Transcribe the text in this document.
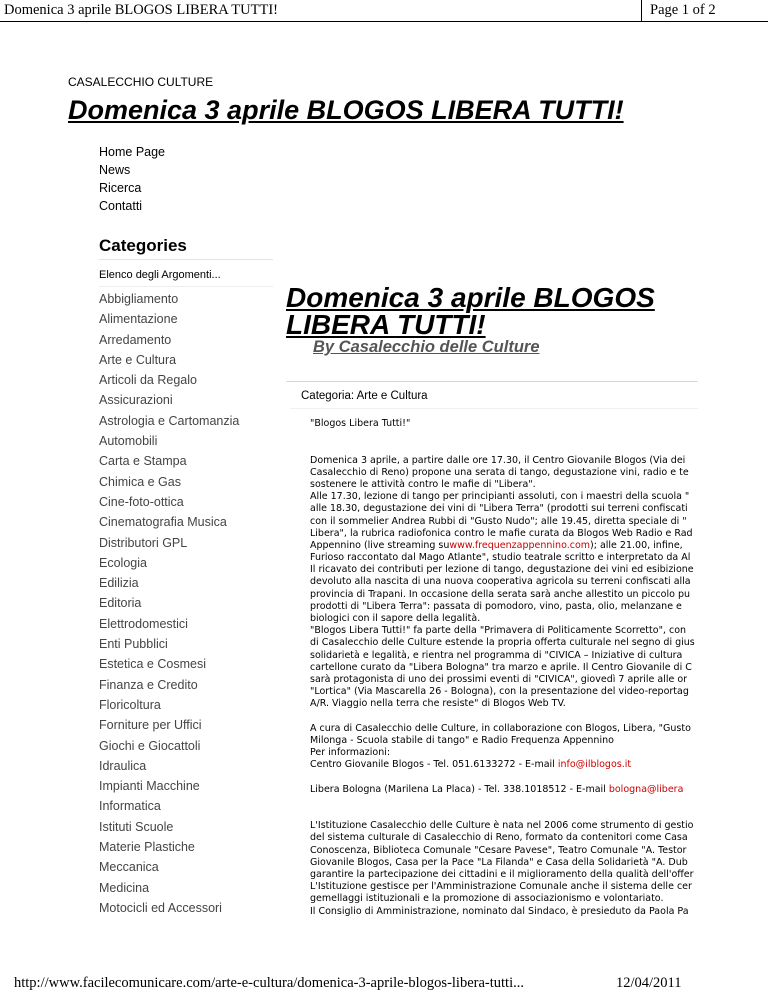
Domenica 3 aprile BLOGOS LIBERA TUTTI!	Page 1 of 2
CASALECCHIO CULTURE
Domenica 3 aprile BLOGOS LIBERA TUTTI!
Home Page
News
Ricerca
Contatti
Categories
Elenco degli Argomenti...
Abbigliamento
Alimentazione
Arredamento
Arte e Cultura
Articoli da Regalo
Assicurazioni
Astrologia e Cartomanzia
Automobili
Carta e Stampa
Chimica e Gas
Cine-foto-ottica
Cinematografia Musica
Distributori GPL
Ecologia
Edilizia
Editoria
Elettrodomestici
Enti Pubblici
Estetica e Cosmesi
Finanza e Credito
Floricoltura
Forniture per Uffici
Giochi e Giocattoli
Idraulica
Impianti Macchine
Informatica
Istituti Scuole
Materie Plastiche
Meccanica
Medicina
Motocicli ed Accessori
Domenica 3 aprile BLOGOS LIBERA TUTTI!
By Casalecchio delle Culture
Categoria: Arte e Cultura
"Blogos Libera Tutti!"
Domenica 3 aprile, a partire dalle ore 17.30, il Centro Giovanile Blogos (Via dei
Casalecchio di Reno) propone una serata di tango, degustazione vini, radio e te
sostenere le attività contro le mafie di "Libera".
Alle 17.30, lezione di tango per principianti assoluti, con i maestri della scuola "
alle 18.30, degustazione dei vini di "Libera Terra" (prodotti sui terreni confiscati
con il sommelier Andrea Rubbi di "Gusto Nudo"; alle 19.45, diretta speciale di "
Libera", la rubrica radiofonica contro le mafie curata da Blogos Web Radio e Rad
Appennino (live streaming suwww.frequenzappennino.com); alle 21.00, infine,
Furioso raccontato dal Mago Atlante", studio teatrale scritto e interpretato da Al
Il ricavato dei contributi per lezione di tango, degustazione dei vini ed esibizione
devoluto alla nascita di una nuova cooperativa agricola su terreni confiscati alla
provincia di Trapani. In occasione della serata sarà anche allestito un piccolo pu
prodotti di "Libera Terra": passata di pomodoro, vino, pasta, olio, melanzane e
biologici con il sapore della legalità.
"Blogos Libera Tutti!" fa parte della "Primavera di Politicamente Scorretto", con
di Casalecchio delle Culture estende la propria offerta culturale nel segno di gius
solidarietà e legalità, e rientra nel programma di "CIVICA – Iniziative di cultura
cartellone curato da "Libera Bologna" tra marzo e aprile. Il Centro Giovanile di C
sarà protagonista di uno dei prossimi eventi di "CIVICA", giovedì 7 aprile alle or
"Lortica" (Via Mascarella 26 - Bologna), con la presentazione del video-reportag
A/R. Viaggio nella terra che resiste" di Blogos Web TV.
A cura di Casalecchio delle Culture, in collaborazione con Blogos, Libera, "Gusto
Milonga - Scuola stabile di tango" e Radio Frequenza Appennino
Per informazioni:
Centro Giovanile Blogos - Tel. 051.6133272 - E-mail info@ilblogos.it
Libera Bologna (Marilena La Placa) - Tel. 338.1018512 - E-mail bologna@libera
L'Istituzione Casalecchio delle Culture è nata nel 2006 come strumento di gestio
del sistema culturale di Casalecchio di Reno, formato da contenitori come Casa
Conoscenza, Biblioteca Comunale "Cesare Pavese", Teatro Comunale "A. Testor
Giovanile Blogos, Casa per la Pace "La Filanda" e Casa della Solidarietà "A. Dub
garantire la partecipazione dei cittadini e il miglioramento della qualità dell'offer
L'Istituzione gestisce per l'Amministrazione Comunale anche il sistema delle cer
gemellaggi istituzionali e la promozione di associazionismo e volontariato.
Il Consiglio di Amministrazione, nominato dal Sindaco, è presieduto da Paola Pa
http://www.facilecomunicare.com/arte-e-cultura/domenica-3-aprile-blogos-libera-tutti...	12/04/2011
